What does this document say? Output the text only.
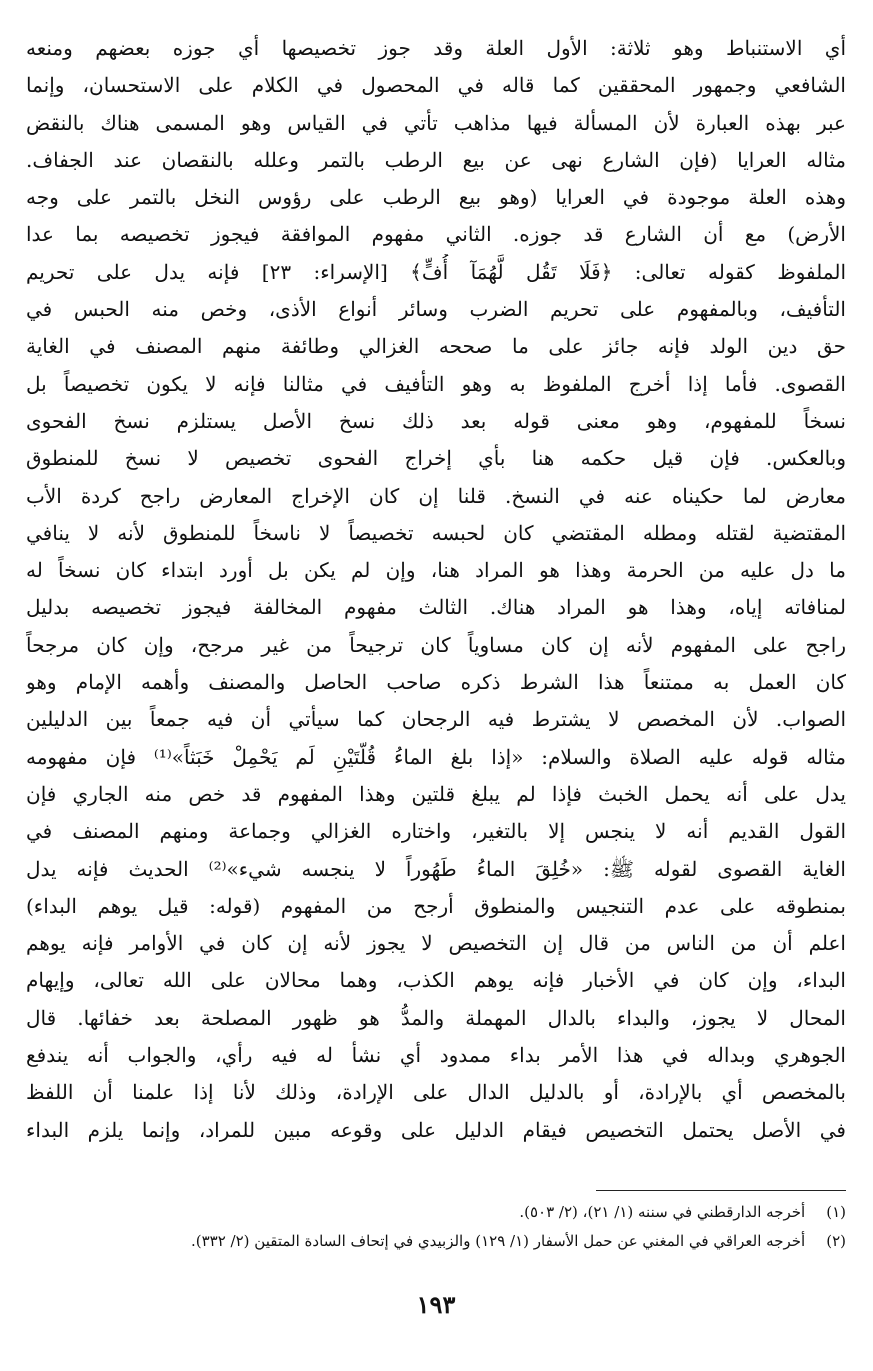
أي الاستنباط وهو ثلاثة: الأول العلة وقد جوز تخصيصها أي جوزه بعضهم ومنعه
الشافعي وجمهور المحققين كما قاله في المحصول في الكلام على الاستحسان، وإنما
عبر بهذه العبارة لأن المسألة فيها مذاهب تأتي في القياس وهو المسمى هناك بالنقض
مثاله العرايا (فإن الشارع نهى عن بيع الرطب بالتمر وعلله بالنقصان عند الجفاف.
وهذه العلة موجودة في العرايا (وهو بيع الرطب على رؤوس النخل بالتمر على وجه
الأرض) مع أن الشارع قد جوزه. الثاني مفهوم الموافقة فيجوز تخصيصه بما عدا
الملفوظ كقوله تعالى: ﴿فَلَا تَقُل لَّهُمَآ أُفٍّ﴾ [الإسراء: ٢٣] فإنه يدل على تحريم
التأفيف، وبالمفهوم على تحريم الضرب وسائر أنواع الأذى، وخص منه الحبس في
حق دين الولد فإنه جائز على ما صححه الغزالي وطائفة منهم المصنف في الغاية
القصوى. فأما إذا أخرج الملفوظ به وهو التأفيف في مثالنا فإنه لا يكون تخصيصاً بل
نسخاً للمفهوم، وهو معنى قوله بعد ذلك نسخ الأصل يستلزم نسخ الفحوى
وبالعكس. فإن قيل حكمه هنا بأي إخراج الفحوى تخصيص لا نسخ للمنطوق
معارض لما حكيناه عنه في النسخ. قلنا إن كان الإخراج المعارض راجح كردة الأب
المقتضية لقتله ومطله المقتضي كان لحبسه تخصيصاً لا ناسخاً للمنطوق لأنه لا ينافي
ما دل عليه من الحرمة وهذا هو المراد هنا، وإن لم يكن بل أورد ابتداء كان نسخاً له
لمنافاته إياه، وهذا هو المراد هناك. الثالث مفهوم المخالفة فيجوز تخصيصه بدليل
راجح على المفهوم لأنه إن كان مساوياً كان ترجيحاً من غير مرجح، وإن كان مرجحاً
كان العمل به ممتنعاً هذا الشرط ذكره صاحب الحاصل والمصنف وأهمه الإمام وهو
الصواب. لأن المخصص لا يشترط فيه الرجحان كما سيأتي أن فيه جمعاً بين الدليلين
مثاله قوله عليه الصلاة والسلام: «إذا بلغ الماءُ قُلّتَيْنِ لَم يَحْمِلْ خَبَثاً»⁽¹⁾ فإن مفهومه
يدل على أنه يحمل الخبث فإذا لم يبلغ قلتين وهذا المفهوم قد خص منه الجاري فإن
القول القديم أنه لا ينجس إلا بالتغير، واختاره الغزالي وجماعة ومنهم المصنف في
الغاية القصوى لقوله ﷺ: «خُلِقَ الماءُ طَهُوراً لا ينجسه شيء»⁽²⁾ الحديث فإنه يدل
بمنطوقه على عدم التنجيس والمنطوق أرجح من المفهوم (قوله: قيل يوهم البداء)
اعلم أن من الناس من قال إن التخصيص لا يجوز لأنه إن كان في الأوامر فإنه يوهم
البداء، وإن كان في الأخبار فإنه يوهم الكذب، وهما محالان على الله تعالى، وإيهام
المحال لا يجوز، والبداء بالدال المهملة والمدُّ هو ظهور المصلحة بعد خفائها. قال
الجوهري وبداله في هذا الأمر بداء ممدود أي نشأ له فيه رأي، والجواب أنه يندفع
بالمخصص أي بالإرادة، أو بالدليل الدال على الإرادة، وذلك لأنا إذا علمنا أن اللفظ
في الأصل يحتمل التخصيص فيقام الدليل على وقوعه مبين للمراد، وإنما يلزم البداء
(١) أخرجه الدارقطني في سننه (١/ ٢١)، (٢/ ٥٠٣).
(٢) أخرجه العراقي في المغني عن حمل الأسفار (١/ ١٢٩) والزبيدي في إتحاف السادة المتقين (٢/ ٣٣٢).
١٩٣
